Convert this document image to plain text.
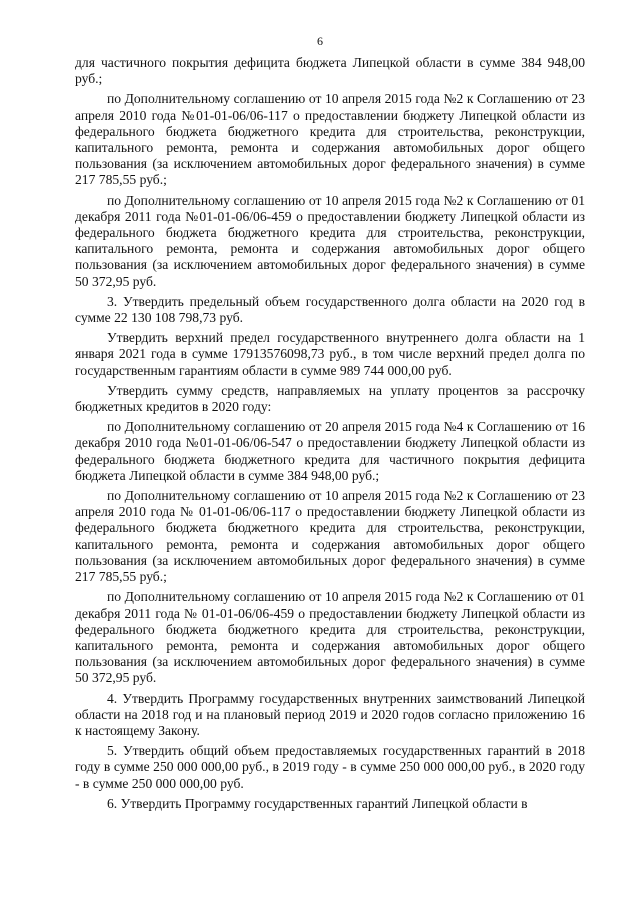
6

для частичного покрытия дефицита бюджета Липецкой области в сумме 384 948,00 руб.;

по Дополнительному соглашению от 10 апреля 2015 года №2 к Соглашению от 23 апреля 2010 года №01-01-06/06-117 о предоставлении бюджету Липецкой области из федерального бюджета бюджетного кредита для строительства, реконструкции, капитального ремонта, ремонта и содержания автомобильных дорог общего пользования (за исключением автомобильных дорог федерального значения) в сумме 217 785,55 руб.;

по Дополнительному соглашению от 10 апреля 2015 года №2 к Соглашению от 01 декабря 2011 года №01-01-06/06-459 о предоставлении бюджету Липецкой области из федерального бюджета бюджетного кредита для строительства, реконструкции, капитального ремонта, ремонта и содержания автомобильных дорог общего пользования (за исключением автомобильных дорог федерального значения) в сумме 50 372,95 руб.

3. Утвердить предельный объем государственного долга области на 2020 год в сумме 22 130 108 798,73 руб.

Утвердить верхний предел государственного внутреннего долга области на 1 января 2021 года в сумме 17913576098,73 руб., в том числе верхний предел долга по государственным гарантиям области в сумме 989 744 000,00 руб.

Утвердить сумму средств, направляемых на уплату процентов за рассрочку бюджетных кредитов в 2020 году:

по Дополнительному соглашению от 20 апреля 2015 года №4 к Соглашению от 16 декабря 2010 года №01-01-06/06-547 о предоставлении бюджету Липецкой области из федерального бюджета бюджетного кредита для частичного покрытия дефицита бюджета Липецкой области в сумме 384 948,00 руб.;

по Дополнительному соглашению от 10 апреля 2015 года №2 к Соглашению от 23 апреля 2010 года № 01-01-06/06-117 о предоставлении бюджету Липецкой области из федерального бюджета бюджетного кредита для строительства, реконструкции, капитального ремонта, ремонта и содержания автомобильных дорог общего пользования (за исключением автомобильных дорог федерального значения) в сумме 217 785,55 руб.;

по Дополнительному соглашению от 10 апреля 2015 года №2 к Соглашению от 01 декабря 2011 года № 01-01-06/06-459 о предоставлении бюджету Липецкой области из федерального бюджета бюджетного кредита для строительства, реконструкции, капитального ремонта, ремонта и содержания автомобильных дорог общего пользования (за исключением автомобильных дорог федерального значения) в сумме 50 372,95 руб.

4. Утвердить Программу государственных внутренних заимствований Липецкой области на 2018 год и на плановый период 2019 и 2020 годов согласно приложению 16 к настоящему Закону.

5. Утвердить общий объем предоставляемых государственных гарантий в 2018 году в сумме 250 000 000,00 руб., в 2019 году - в сумме 250 000 000,00 руб., в 2020 году - в сумме 250 000 000,00 руб.

6. Утвердить Программу государственных гарантий Липецкой области в
